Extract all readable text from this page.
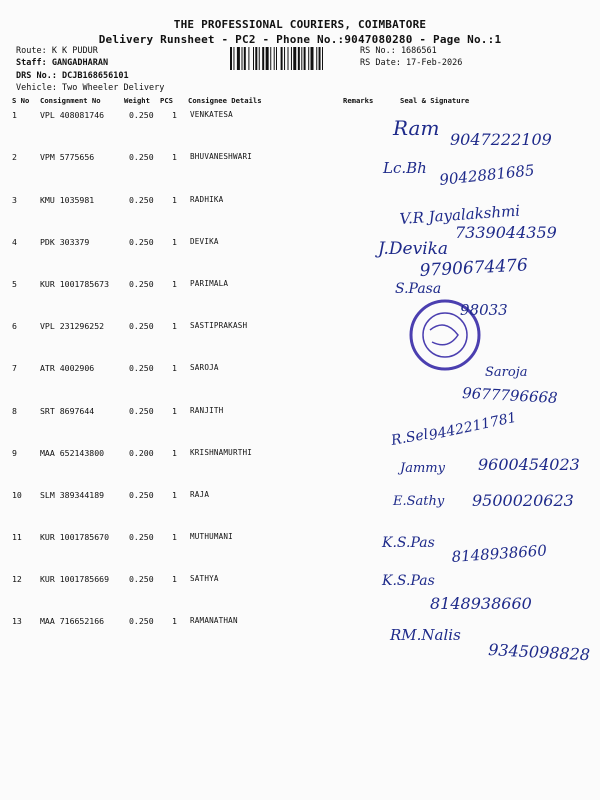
THE PROFESSIONAL COURIERS, COIMBATORE
Delivery Runsheet - PC2 - Phone No.:9047080280 - Page No.:1
Route: K K PUDUR
Staff: GANGADHARAN
DRS No.: DCJB168656101
Vehicle: Two Wheeler Delivery
RS No.: 1686561
RS Date: 17-Feb-2026
S No Consignment No	Weight PCS Consignee Details	Remarks	Seal & Signature
1	VPL 408081746	0.250 1 VENKATESA
2	VPM 5775656	0.250 1 BHUVANESHWARI
3	KMU 1035981	0.250 1 RADHIKA
4	PDK 303379	0.250 1 DEVIKA
5	KUR 1001785673 0.250 1 PARIMALA
6	VPL 231296252	0.250 1 SASTIPRAKASH
7	ATR 4002906	0.250 1 SAROJA
8	SRT 8697644	0.250 1 RANJITH
9	MAA 652143800	0.200 1 KRISHNAMURTHI
10 SLM 389344189	0.250 1 RAJA
11 KUR 1001785670 0.250 1 MUTHUMANI
12 KUR 1001785669 0.250 1 SATHYA
13 MAA 716652166	0.250 1 RAMANATHAN
Ram 9047222109
Lc.Bh 9042881685
V.R Jayalakshmi
7339044359
J.Devika
9790674476
S.Pasa
98033
Saroja
9677796668
R.Sel
9442211781
Jammy 9600454023
E.Sathy 9500020623
K.S.Pas 8148938660
K.S.Pas
8148938660
RM.Nalis
9345098828
